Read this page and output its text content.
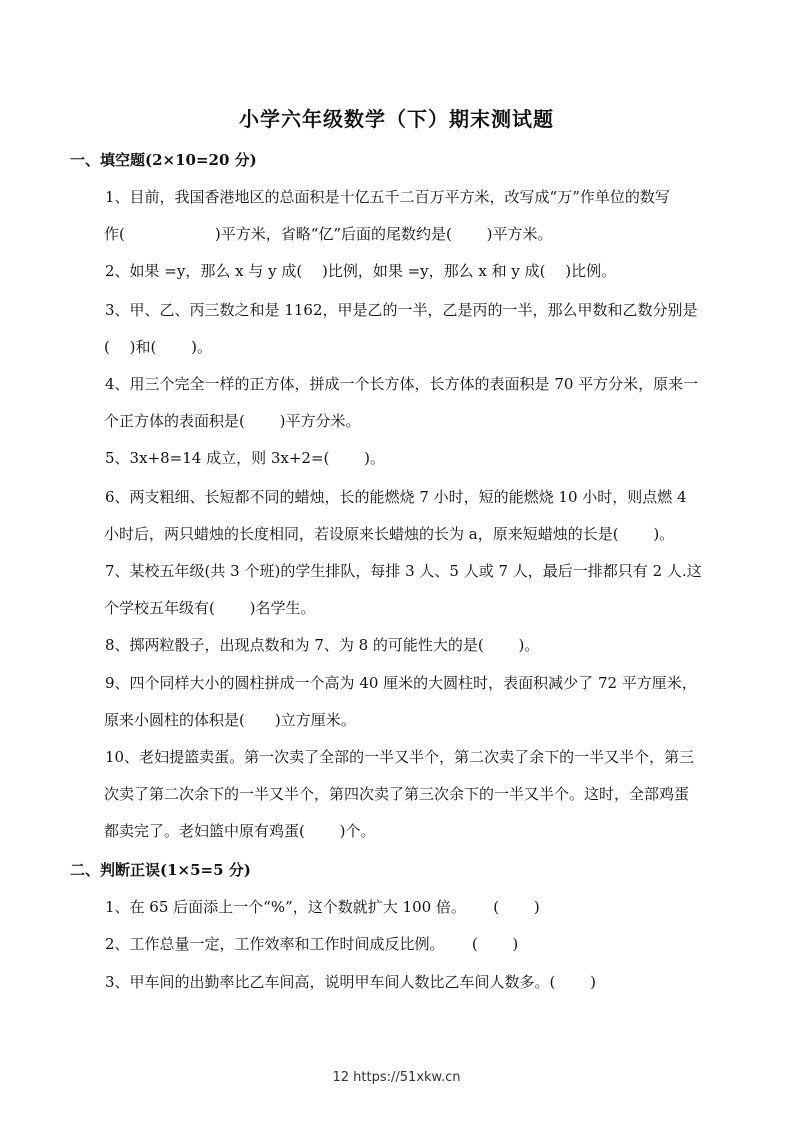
小学六年级数学（下）期末测试题
一、填空题(2×10=20 分)
1、目前，我国香港地区的总面积是十亿五千二百万平方米，改写成“万”作单位的数写
作(　　　　　　)平方米，省略“亿”后面的尾数约是(　　 )平方米。
2、如果 =y，那么 x 与 y 成(　 )比例，如果 =y，那么 x 和 y 成(　 )比例。
3、甲、乙、丙三数之和是 1162，甲是乙的一半，乙是丙的一半，那么甲数和乙数分别是
(　 )和(　　 )。
4、用三个完全一样的正方体，拼成一个长方体，长方体的表面积是 70 平方分米，原来一
个正方体的表面积是(　　 )平方分米。
5、3x+8=14 成立，则 3x+2=(　　 )。
6、两支粗细、长短都不同的蜡烛，长的能燃烧 7 小时，短的能燃烧 10 小时，则点燃 4
小时后，两只蜡烛的长度相同，若设原来长蜡烛的长为 a，原来短蜡烛的长是(　　 )。
7、某校五年级(共 3 个班)的学生排队，每排 3 人、5 人或 7 人，最后一排都只有 2 人.这
个学校五年级有(　　 )名学生。
8、掷两粒骰子，出现点数和为 7、为 8 的可能性大的是(　　 )。
9、四个同样大小的圆柱拼成一个高为 40 厘米的大圆柱时，表面积减少了 72 平方厘米，
原来小圆柱的体积是(　　)立方厘米。
10、老妇提篮卖蛋。第一次卖了全部的一半又半个，第二次卖了余下的一半又半个，第三
次卖了第二次余下的一半又半个，第四次卖了第三次余下的一半又半个。这时，全部鸡蛋
都卖完了。老妇篮中原有鸡蛋(　　 )个。
二、判断正误(1×5=5 分)
1、在 65 后面添上一个“%”，这个数就扩大 100 倍。　　 (　　 )
2、工作总量一定，工作效率和工作时间成反比例。　　 (　　 )
3、甲车间的出勤率比乙车间高，说明甲车间人数比乙车间人数多。(　　 )
12 https://51xkw.cn
